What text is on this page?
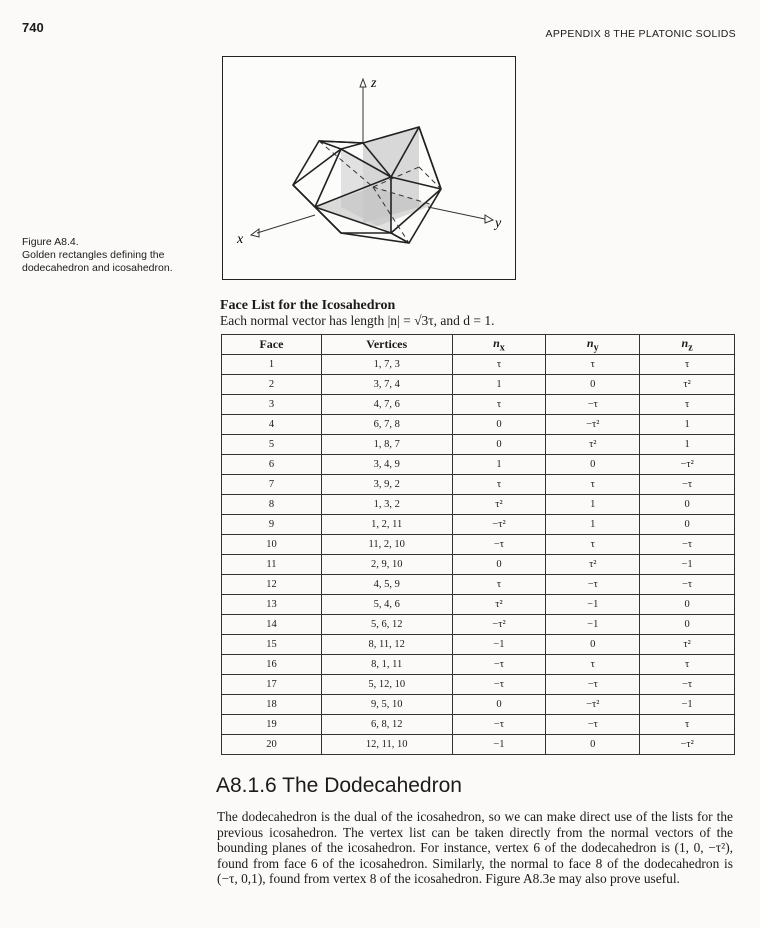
740	APPENDIX 8 THE PLATONIC SOLIDS
z
y
x
Figure A8.4.
Golden rectangles defining the dodecahedron and icosahedron.
Face List for the Icosahedron
Each normal vector has length |n| = √3τ, and d = 1.
Face	Vertices	$n_x$	$n_y$	$n_z$
1	1, 7, 3	τ	τ	τ
2	3, 7, 4	1	0	τ²
3	4, 7, 6	τ	−τ	τ
4	6, 7, 8	0	−τ²	1
5	1, 8, 7	0	τ²	1
6	3, 4, 9	1	0	−τ²
7	3, 9, 2	τ	τ	−τ
8	1, 3, 2	τ²	1	0
9	1, 2, 11	−τ²	1	0
10	11, 2, 10	−τ	τ	−τ
11	2, 9, 10	0	τ²	−1
12	4, 5, 9	τ	−τ	−τ
13	5, 4, 6	τ²	−1	0
14	5, 6, 12	−τ²	−1	0
15	8, 11, 12	−1	0	τ²
16	8, 1, 11	−τ	τ	τ
17	5, 12, 10	−τ	−τ	−τ
18	9, 5, 10	0	−τ²	−1
19	6, 8, 12	−τ	−τ	τ
20	12, 11, 10	−1	0	−τ²
A8.1.6 The Dodecahedron

The dodecahedron is the dual of the icosahedron, so we can make direct use of the lists for the previous icosahedron. The vertex list can be taken directly from the normal vectors of the bounding planes of the icosahedron. For instance, vertex 6 of the dodecahedron is (1, 0, −τ²), found from face 6 of the icosahedron. Similarly, the normal to face 8 of the dodecahedron is (−τ, 0,1), found from vertex 8 of the icosahedron. Figure A8.3e may also prove useful.
